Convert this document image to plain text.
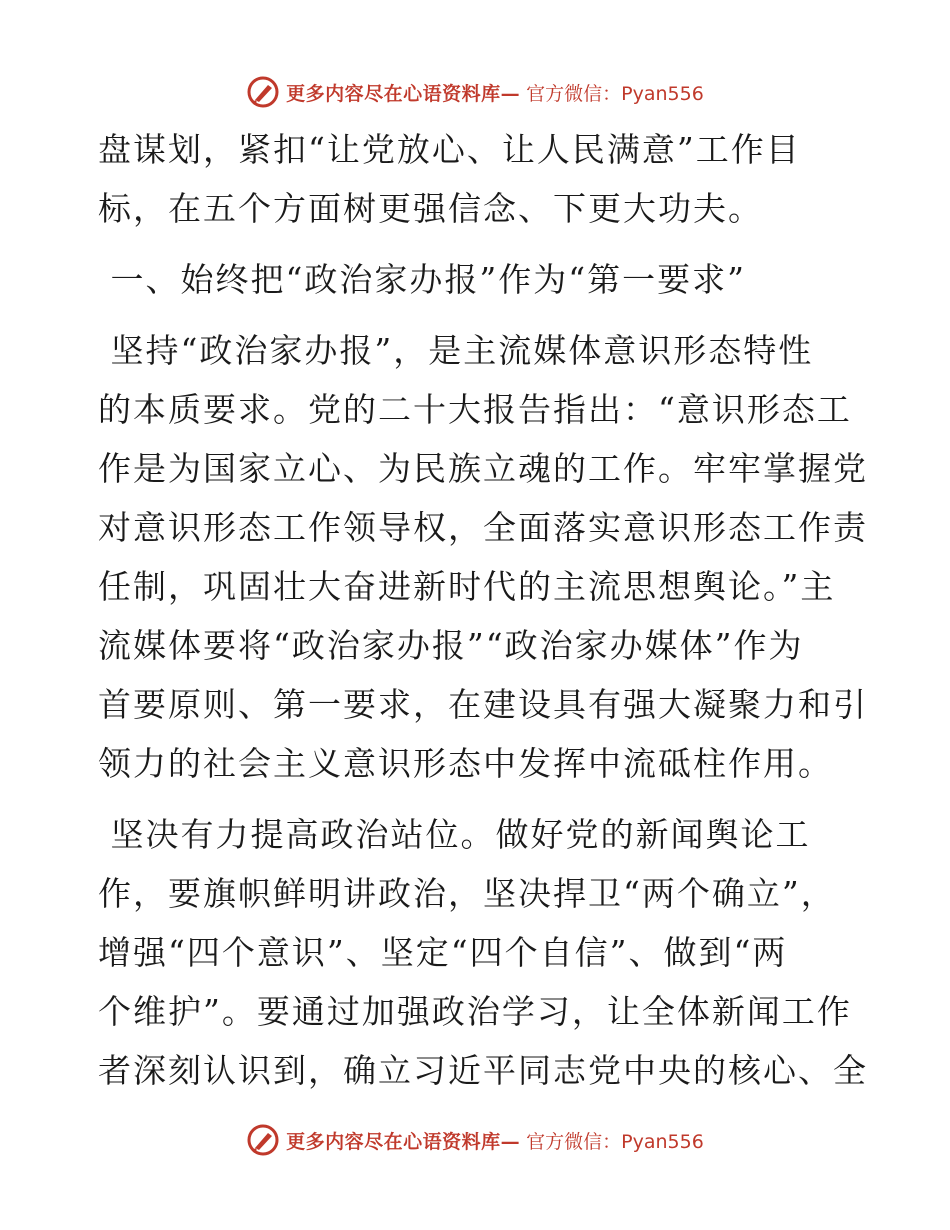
更多内容尽在心语资料库— 官方微信：Pyan556
盘谋划，紧扣“让党放心、让人民满意”工作目
标，在五个方面树更强信念、下更大功夫。
一、始终把“政治家办报”作为“第一要求”
坚持“政治家办报”，是主流媒体意识形态特性
的本质要求。党的二十大报告指出：“意识形态工
作是为国家立心、为民族立魂的工作。牢牢掌握党
对意识形态工作领导权，全面落实意识形态工作责
任制，巩固壮大奋进新时代的主流思想舆论。”主
流媒体要将“政治家办报”“政治家办媒体”作为
首要原则、第一要求，在建设具有强大凝聚力和引
领力的社会主义意识形态中发挥中流砥柱作用。
坚决有力提高政治站位。做好党的新闻舆论工
作，要旗帜鲜明讲政治，坚决捍卫“两个确立”，
增强“四个意识”、坚定“四个自信”、做到“两
个维护”。要通过加强政治学习，让全体新闻工作
者深刻认识到，确立习近平同志党中央的核心、全
更多内容尽在心语资料库— 官方微信：Pyan556
